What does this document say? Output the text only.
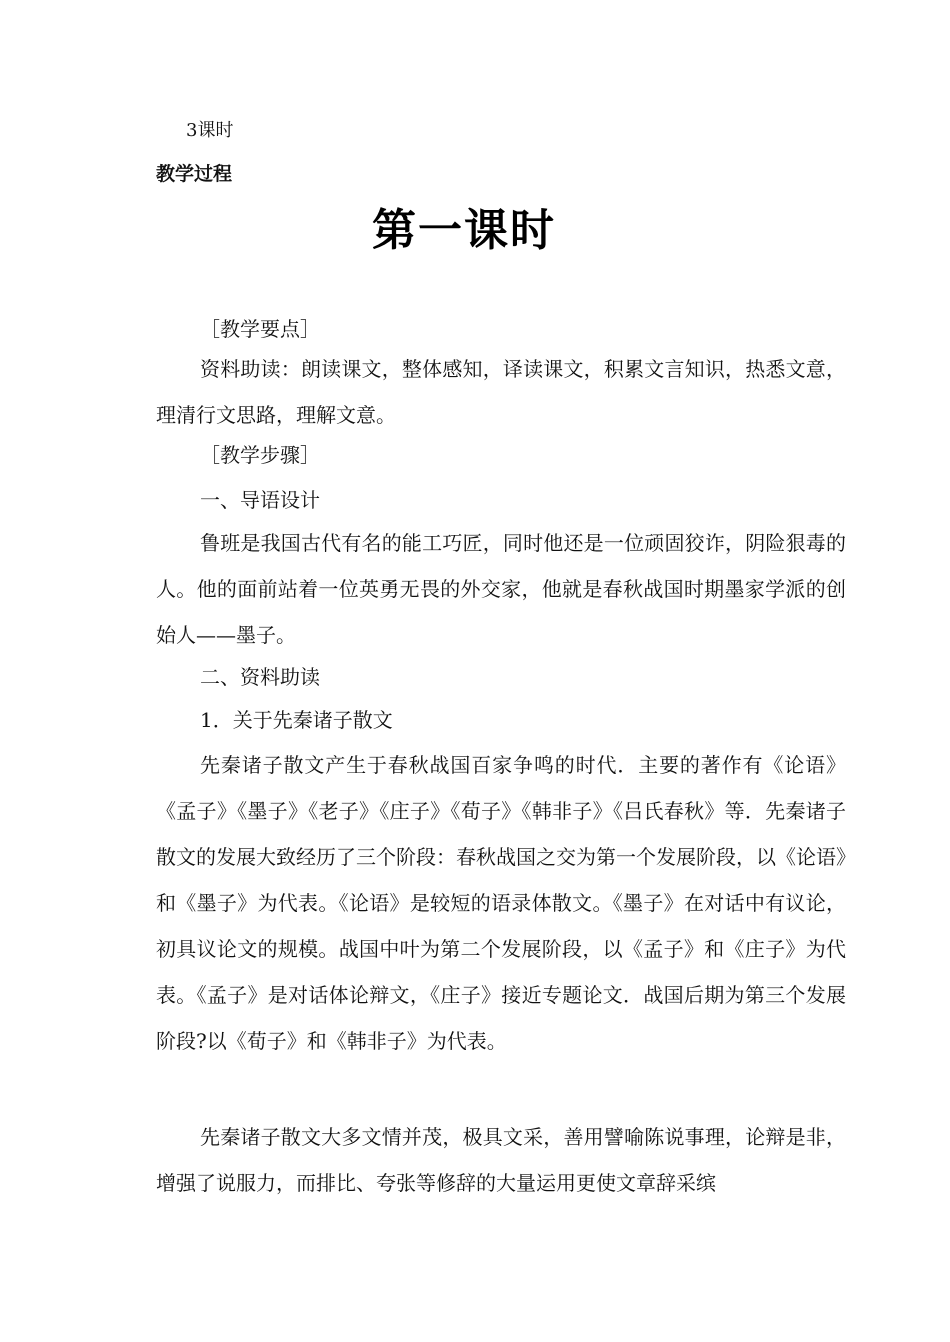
3课时
教学过程
第一课时
［教学要点］
资料助读：朗读课文，整体感知，译读课文，积累文言知识，热悉文意，理清行文思路，理解文意。
［教学步骤］
一、导语设计
鲁班是我国古代有名的能工巧匠，同时他还是一位顽固狡诈，阴险狠毒的人。他的面前站着一位英勇无畏的外交家，他就是春秋战国时期墨家学派的创始人——墨子。
二、资料助读
1．关于先秦诸子散文
先秦诸子散文产生于春秋战国百家争鸣的时代．主要的著作有《论语》《孟子》《墨子》《老子》《庄子》《荀子》《韩非子》《吕氏春秋》等．先秦诸子散文的发展大致经历了三个阶段：春秋战国之交为第一个发展阶段，以《论语》和《墨子》为代表。《论语》是较短的语录体散文。《墨子》在对话中有议论，初具议论文的规模。战国中叶为第二个发展阶段，以《孟子》和《庄子》为代表。《孟子》是对话体论辩文，《庄子》接近专题论文．战国后期为第三个发展阶段?以《荀子》和《韩非子》为代表。
先秦诸子散文大多文情并茂，极具文采，善用譬喻陈说事理，论辩是非，增强了说服力，而排比、夸张等修辞的大量运用更使文章辞采缤
